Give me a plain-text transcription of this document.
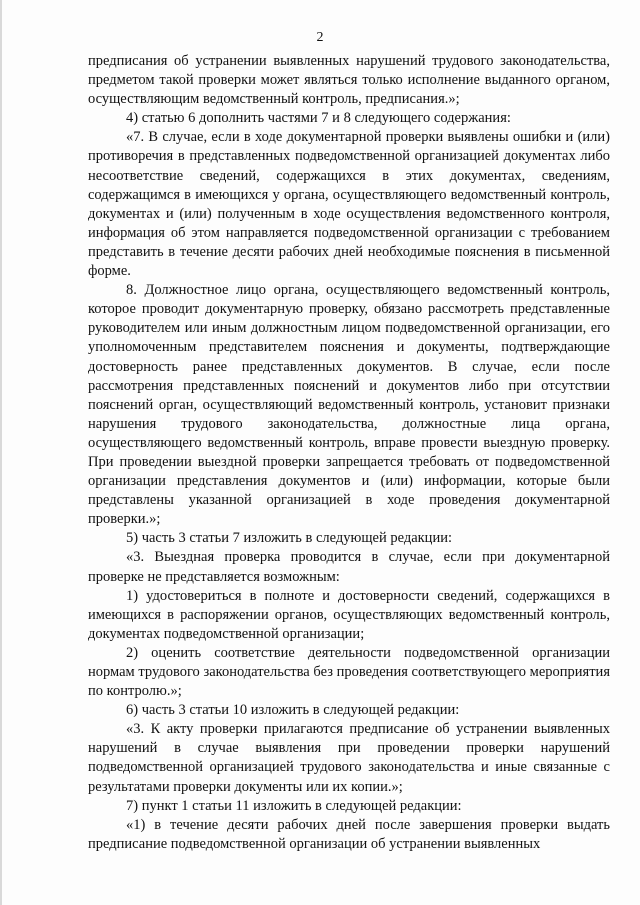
2

предписания об устранении выявленных нарушений трудового законодательства, предметом такой проверки может являться только исполнение выданного органом, осуществляющим ведомственный контроль, предписания.»;

4) статью 6 дополнить частями 7 и 8 следующего содержания:

«7. В случае, если в ходе документарной проверки выявлены ошибки и (или) противоречия в представленных подведомственной организацией документах либо несоответствие сведений, содержащихся в этих документах, сведениям, содержащимся в имеющихся у органа, осуществляющего ведомственный контроль, документах и (или) полученным в ходе осуществления ведомственного контроля, информация об этом направляется подведомственной организации с требованием представить в течение десяти рабочих дней необходимые пояснения в письменной форме.

8. Должностное лицо органа, осуществляющего ведомственный контроль, которое проводит документарную проверку, обязано рассмотреть представленные руководителем или иным должностным лицом подведомственной организации, его уполномоченным представителем пояснения и документы, подтверждающие достоверность ранее представленных документов. В случае, если после рассмотрения представленных пояснений и документов либо при отсутствии пояснений орган, осуществляющий ведомственный контроль, установит признаки нарушения трудового законодательства, должностные лица органа, осуществляющего ведомственный контроль, вправе провести выездную проверку. При проведении выездной проверки запрещается требовать от подведомственной организации представления документов и (или) информации, которые были представлены указанной организацией в ходе проведения документарной проверки.»;

5) часть 3 статьи 7 изложить в следующей редакции:

«3. Выездная проверка проводится в случае, если при документарной проверке не представляется возможным:

1) удостовериться в полноте и достоверности сведений, содержащихся в имеющихся в распоряжении органов, осуществляющих ведомственный контроль, документах подведомственной организации;

2) оценить соответствие деятельности подведомственной организации нормам трудового законодательства без проведения соответствующего мероприятия по контролю.»;

6) часть 3 статьи 10 изложить в следующей редакции:

«3. К акту проверки прилагаются предписание об устранении выявленных нарушений в случае выявления при проведении проверки нарушений подведомственной организацией трудового законодательства и иные связанные с результатами проверки документы или их копии.»;

7) пункт 1 статьи 11 изложить в следующей редакции:

«1) в течение десяти рабочих дней после завершения проверки выдать предписание подведомственной организации об устранении выявленных
